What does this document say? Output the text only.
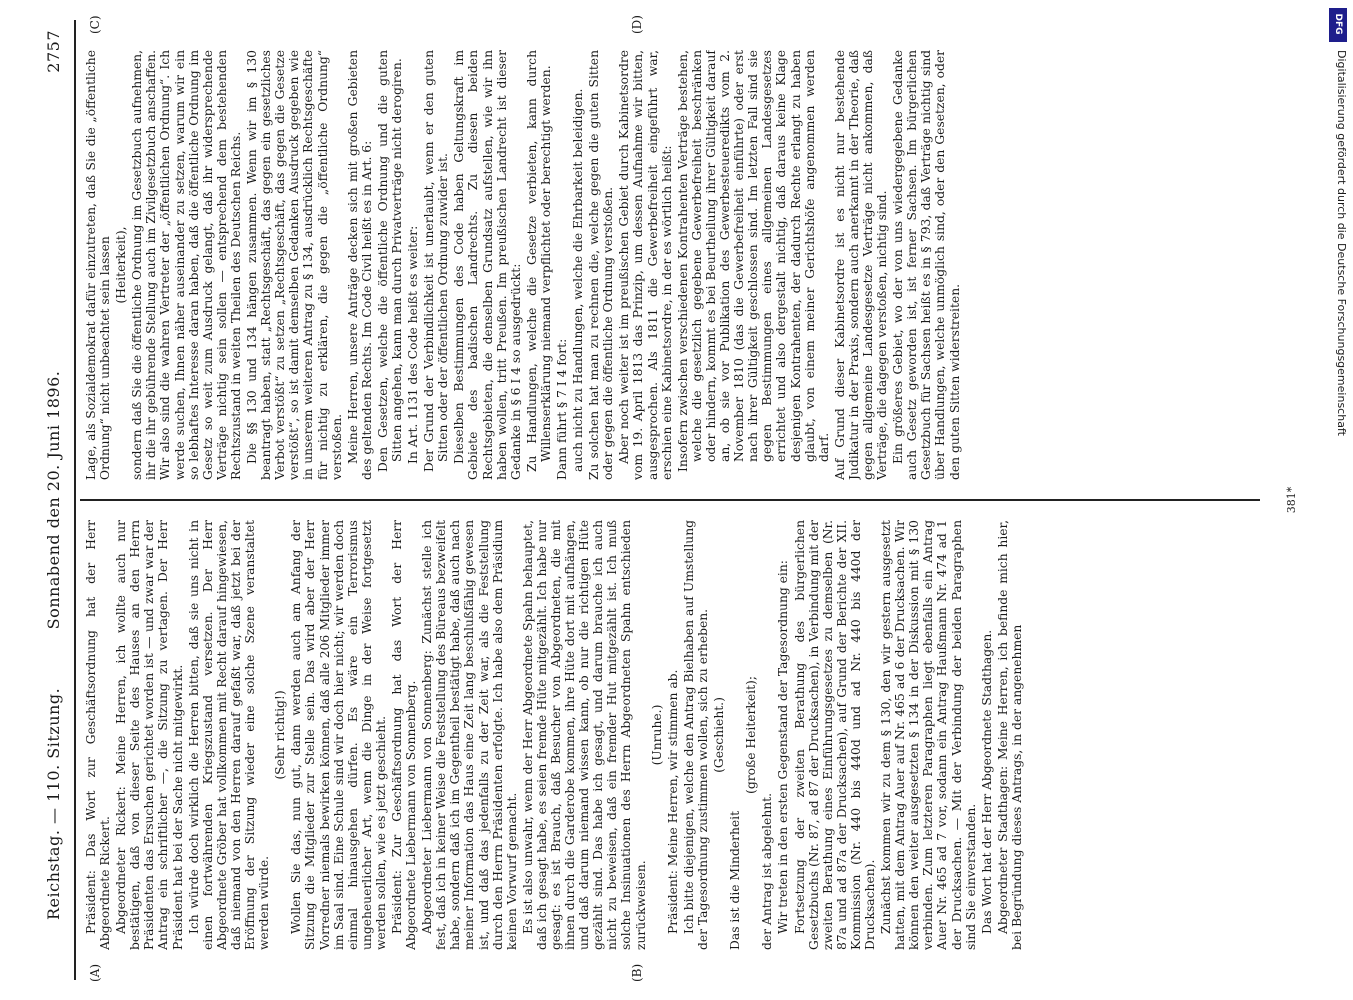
Reichstag. — 110. Sitzung.
Sonnabend den 20. Juni 1896.
2757
(A)	(B)
(C)	(D)

Präsident: Das Wort zur Geschäftsordnung hat der Herr Abgeordnete Rickert. Abgeordneter Rickert: Meine Herren, ich wollte auch nur bestätigen, daß von dieser Seite des Hauses an den Herrn Präsidenten das Ersuchen gerichtet worden ist — und zwar war der Antrag ein schriftlicher —, die Sitzung zu vertagen. Der Herr Präsident hat bei der Sache nicht mitgewirkt. Ich würde doch wirklich die Herren bitten, daß sie uns nicht in einen fortwährenden Kriegszustand versetzen. Der Herr Abgeordnete Gröber hat vollkommen mit Recht darauf hingewiesen, daß niemand von den Herren darauf gefaßt war, daß jetzt bei der Eröffnung der Sitzung wieder eine solche Szene veranstaltet werden würde.

(Sehr richtig!) Wollen Sie das, nun gut, dann werden auch am Anfang der Sitzung die Mitglieder zur Stelle sein. Das wird aber der Herr Vorredner niemals bewirken können, daß alle 206 Mitglieder immer im Saal sind. Eine Schule sind wir doch hier nicht; wir werden doch einmal hinausgehen dürfen. Es wäre ein Terrorismus ungeheuerlicher Art, wenn die Dinge in der Weise fortgesetzt werden sollen, wie es jetzt geschieht. Präsident: Zur Geschäftsordnung hat das Wort der Herr Abgeordnete Liebermann von Sonnenberg. Abgeordneter Liebermann von Sonnenberg: Zunächst stelle ich fest, daß ich in keiner Weise die Feststellung des Büreaus bezweifelt habe, sondern daß ich im Gegentheil bestätigt habe, daß auch nach meiner Information das Haus eine Zeit lang beschlußfähig gewesen ist, und daß das jedenfalls zu der Zeit war, als die Feststellung durch den Herrn Präsidenten erfolgte. Ich habe also dem Präsidium keinen Vorwurf gemacht. Es ist also unwahr, wenn der Herr Abgeordnete Spahn behauptet, daß ich gesagt habe, es seien fremde Hüte mitgezählt. Ich habe nur gesagt: es ist Brauch, daß Besucher von Abgeordneten, die mit ihnen durch die Garderobe kommen, ihre Hüte dort mit aufhängen, und daß darum niemand wissen kann, ob nur die richtigen Hüte gezählt sind. Das habe ich gesagt, und darum brauche ich auch nicht zu beweisen, daß ein fremder Hut mitgezählt ist. Ich muß solche Insinuationen des Herrn Abgeordneten Spahn entschieden zurückweisen.

(Unruhe.) Präsident: Meine Herren, wir stimmen ab. Ich bitte diejenigen, welche den Antrag Bielhaben auf Umstellung der Tagesordnung zustimmen wollen, sich zu erheben. (Geschieht.)

Das ist die Minderheit

(große Heiterkeit);

der Antrag ist abgelehnt. Wir treten in den ersten Gegenstand der Tagesordnung ein: Fortsetzung der zweiten Berathung des bürgerlichen Gesetzbuchs (Nr. 87, ad 87 der Drucksachen), in Verbindung mit der zweiten Berathung eines Einführungsgesetzes zu demselben (Nr. 87a und ad 87a der Drucksachen), auf Grund der Berichte der XII. Kommission (Nr. 440 bis 440d und ad Nr. 440 bis 440d der Drucksachen). Zunächst kommen wir zu dem § 130, den wir gestern ausgesetzt hatten, mit dem Antrag Auer auf Nr. 465 ad 6 der Drucksachen. Wir können den weiter ausgesetzten § 134 in der Diskussion mit § 130 verbinden. Zum letzteren Paragraphen liegt ebenfalls ein Antrag Auer Nr. 465 ad 7 vor, sodann ein Antrag Haußmann Nr. 474 ad 1 der Drucksachen. — Mit der Verbindung der beiden Paragraphen sind Sie einverstanden. Das Wort hat der Herr Abgeordnete Stadthagen. Abgeordneter Stadthagen: Meine Herren, ich befinde mich hier, bei Begründung dieses Antrags, in der angenehmen

Lage, als Sozialdemokrat dafür einzutreten, daß Sie die „öffentliche Ordnung“ nicht unbeachtet sein lassen (Heiterkeit), sondern daß Sie die öffentliche Ordnung im Gesetzbuch aufnehmen, ihr die ihr gebührende Stellung auch im Zivilgesetzbuch anschaffen. Wir also sind die wahren Vertreter der „öffentlichen Ordnung“. Ich werde suchen, Ihnen näher auseinander zu setzen, warum wir ein so lebhaftes Interesse daran haben, daß die öffentliche Ordnung im Gesetz so weit zum Ausdruck gelangt, daß ihr widersprechende Verträge nichtig sein sollen — entsprechend dem bestehenden Rechtszustand in weiten Theilen des Deutschen Reichs. Die §§ 130 und 134 hängen zusammen. Wenn wir im § 130 beantragt haben, statt „Rechtsgeschäft, das gegen ein gesetzliches Verbot verstößt“ zu setzen „Rechtsgeschäft, das gegen die Gesetze verstößt“, so ist damit demselben Gedanken Ausdruck gegeben wie in unserem weiteren Antrag zu § 134, ausdrücklich Rechtsgeschäfte für nichtig zu erklären, die gegen die „öffentliche Ordnung“ verstoßen. Meine Herren, unsere Anträge decken sich mit großen Gebieten des geltenden Rechts. Im Code Civil heißt es in Art. 6: Den Gesetzen, welche die öffentliche Ordnung und die guten Sitten angehen, kann man durch Privatverträge nicht derogiren. In Art. 1131 des Code heißt es weiter: Der Grund der Verbindlichkeit ist unerlaubt, wenn er den guten Sitten oder der öffentlichen Ordnung zuwider ist. Dieselben Bestimmungen des Code haben Geltungskraft im Gebiete des badischen Landrechts. Zu diesen beiden Rechtsgebieten, die denselben Grundsatz aufstellen, wie wir ihn haben wollen, tritt Preußen. Im preußischen Landrecht ist dieser Gedanke in § 6 I 4 so ausgedrückt: Zu Handlungen, welche die Gesetze verbieten, kann durch Willenserklärung niemand verpflichtet oder berechtigt werden. Dann führt § 7 I 4 fort: auch nicht zu Handlungen, welche die Ehrbarkeit beleidigen. Zu solchen hat man zu rechnen die, welche gegen die guten Sitten oder gegen die öffentliche Ordnung verstoßen. Aber noch weiter ist im preußischen Gebiet durch Kabinetsordre vom 19. April 1813 das Prinzip, um dessen Aufnahme wir bitten, ausgesprochen. Als 1811 die Gewerbefreiheit eingeführt war, erschien eine Kabinetsordre, in der es wörtlich heißt: Insofern zwischen verschiedenen Kontrahenten Verträge bestehen, welche die gesetzlich gegebene Gewerbefreiheit beschränken oder hindern, kommt es bei Beurtheilung ihrer Gültigkeit darauf an, ob sie vor Publikation des Gewerbesteueredikts vom 2. November 1810 (das die Gewerbefreiheit einführte) oder erst nach ihrer Gültigkeit geschlossen sind. Im letzten Fall sind sie gegen Bestimmungen eines allgemeinen Landesgesetzes errichtet und also dergestalt nichtig, daß daraus keine Klage desjenigen Kontrahenten, der dadurch Rechte erlangt zu haben glaubt, von einem meiner Gerichtshöfe angenommen werden darf. Auf Grund dieser Kabinetsordre ist es nicht nur bestehende Judikatur in der Praxis, sondern auch anerkannt in der Theorie, daß gegen allgemeine Landesgesetze Verträge nicht ankommen, daß Verträge, die dagegen verstoßen, nichtig sind. Ein größeres Gebiet, wo der von uns wiedergegebene Gedanke auch Gesetz geworden ist, ist ferner Sachsen. Im bürgerlichen Gesetzbuch für Sachsen heißt es in § 793, daß Verträge nichtig sind über Handlungen, welche unmöglich sind, oder den Gesetzen, oder den guten Sitten widerstreiten.

381*
DFG
Digitalisierung gefördert durch die Deutsche Forschungsgemeinschaft
